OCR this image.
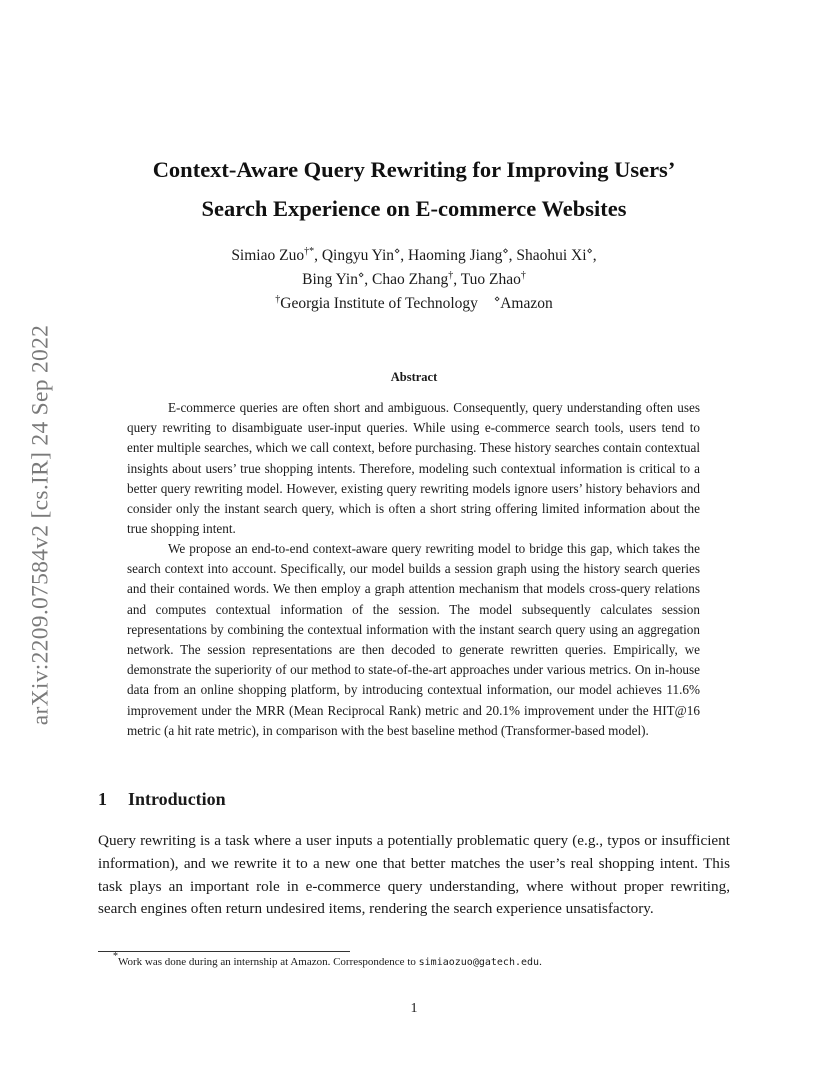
arXiv:2209.07584v2 [cs.IR] 24 Sep 2022
Context-Aware Query Rewriting for Improving Users’
Search Experience on E-commerce Websites
Simiao Zuo†*, Qingyu Yin⋄, Haoming Jiang⋄, Shaohui Xi⋄,
Bing Yin⋄, Chao Zhang†, Tuo Zhao†
†Georgia Institute of Technology ⋄Amazon
Abstract

E-commerce queries are often short and ambiguous. Consequently, query understanding often uses query rewriting to disambiguate user-input queries. While using e-commerce search tools, users tend to enter multiple searches, which we call context, before purchasing. These history searches contain contextual insights about users’ true shopping intents. Therefore, modeling such contextual information is critical to a better query rewriting model. However, existing query rewriting models ignore users’ history behaviors and consider only the instant search query, which is often a short string offering limited information about the true shopping intent.

We propose an end-to-end context-aware query rewriting model to bridge this gap, which takes the search context into account. Specifically, our model builds a session graph using the history search queries and their contained words. We then employ a graph attention mechanism that models cross-query relations and computes contextual information of the session. The model subsequently calculates session representations by combining the contextual information with the instant search query using an aggregation network. The session representations are then decoded to generate rewritten queries. Empirically, we demonstrate the superiority of our method to state-of-the-art approaches under various metrics. On in-house data from an online shopping platform, by introducing contextual information, our model achieves 11.6% improvement under the MRR (Mean Reciprocal Rank) metric and 20.1% improvement under the HIT@16 metric (a hit rate metric), in comparison with the best baseline method (Transformer-based model).

1 Introduction

Query rewriting is a task where a user inputs a potentially problematic query (e.g., typos or insufficient information), and we rewrite it to a new one that better matches the user’s real shopping intent. This task plays an important role in e-commerce query understanding, where without proper rewriting, search engines often return undesired items, rendering the search experience unsatisfactory.

*Work was done during an internship at Amazon. Correspondence to simiaozuo@gatech.edu.
1
